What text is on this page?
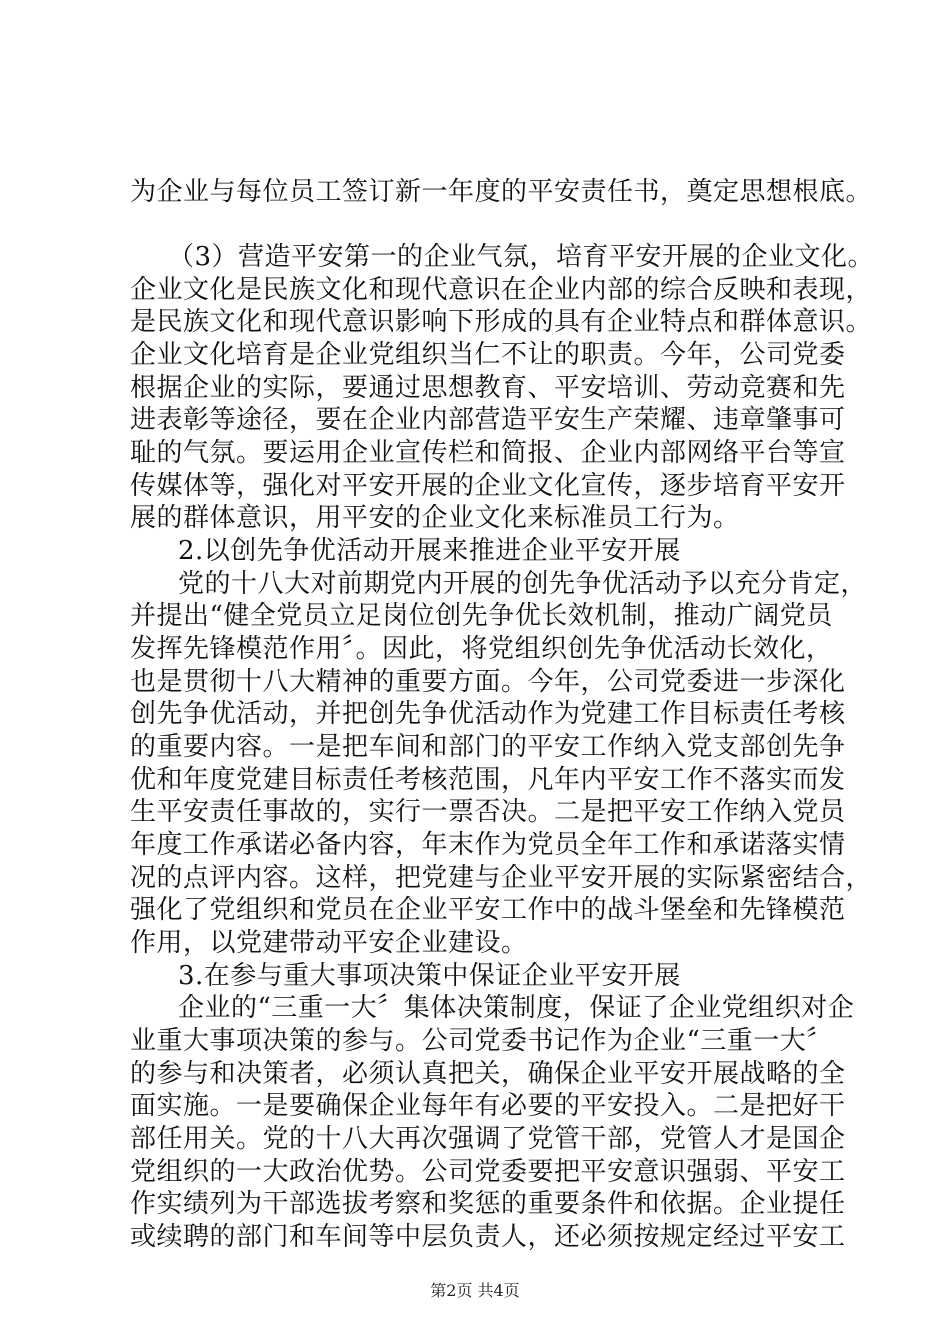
为企业与每位员工签订新一年度的平安责任书，奠定思想根底。
（3）营造平安第一的企业气氛，培育平安开展的企业文化。
企业文化是民族文化和现代意识在企业内部的综合反映和表现，
是民族文化和现代意识影响下形成的具有企业特点和群体意识。
企业文化培育是企业党组织当仁不让的职责。今年，公司党委
根据企业的实际，要通过思想教育、平安培训、劳动竞赛和先
进表彰等途径，要在企业内部营造平安生产荣耀、违章肇事可
耻的气氛。要运用企业宣传栏和简报、企业内部网络平台等宣
传媒体等，强化对平安开展的企业文化宣传，逐步培育平安开
展的群体意识，用平安的企业文化来标准员工行为。
2.以创先争优活动开展来推进企业平安开展
党的十八大对前期党内开展的创先争优活动予以充分肯定，
并提出“健全党员立足岗位创先争优长效机制，推动广阔党员
发挥先锋模范作用〞。因此，将党组织创先争优活动长效化，
也是贯彻十八大精神的重要方面。今年，公司党委进一步深化
创先争优活动，并把创先争优活动作为党建工作目标责任考核
的重要内容。一是把车间和部门的平安工作纳入党支部创先争
优和年度党建目标责任考核范围，凡年内平安工作不落实而发
生平安责任事故的，实行一票否决。二是把平安工作纳入党员
年度工作承诺必备内容，年末作为党员全年工作和承诺落实情
况的点评内容。这样，把党建与企业平安开展的实际紧密结合，
强化了党组织和党员在企业平安工作中的战斗堡垒和先锋模范
作用，以党建带动平安企业建设。
3.在参与重大事项决策中保证企业平安开展
企业的“三重一大〞集体决策制度，保证了企业党组织对企
业重大事项决策的参与。公司党委书记作为企业“三重一大〞
的参与和决策者，必须认真把关，确保企业平安开展战略的全
面实施。一是要确保企业每年有必要的平安投入。二是把好干
部任用关。党的十八大再次强调了党管干部，党管人才是国企
党组织的一大政治优势。公司党委要把平安意识强弱、平安工
作实绩列为干部选拔考察和奖惩的重要条件和依据。企业提任
或续聘的部门和车间等中层负责人，还必须按规定经过平安工
第2页 共4页
